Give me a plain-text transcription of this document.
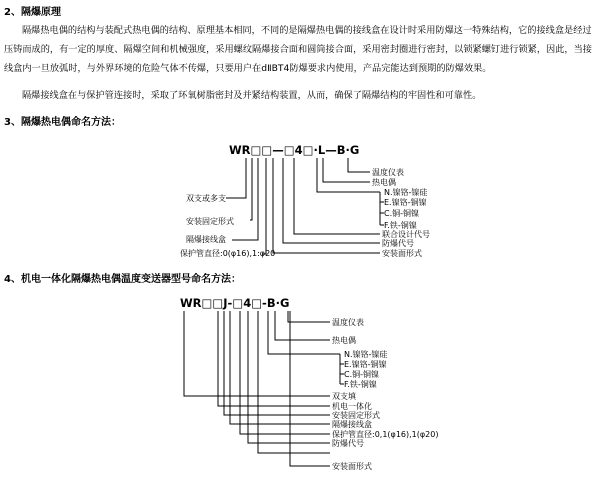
2、隔爆原理

隔爆热电偶的结构与装配式热电偶的结构、原理基本相同，不同的是隔爆热电偶的接线盒在设计时采用防爆这一特殊结构，它的接线盒是经过压铸而成的，有一定的厚度、隔爆空间和机械强度，采用螺纹隔爆接合面和圆筒接合面，采用密封圈进行密封，以锁紧螺钉进行锁紧，因此，当接线盒内一旦放弧时，与外界环境的危险气体不传爆，只要用户在dⅡBT4防爆要求内使用，产品完能达到预期的防爆效果。

隔爆接线盒在与保护管连接时，采取了环氧树脂密封及并紧结构装置，从而，确保了隔爆结构的牢固性和可靠性。

3、隔爆热电偶命名方法：
WR□□—□4□·L—B·G
温度仪表
热电偶
N.镍铬-镍硅
E.镍铬-铜镍
C.铜-铜镍
F.铁-铜镍
联合设计代号
防爆代号
安装面形式
双支或多支
安装固定形式
隔爆接线盒
保护管直径:0(φ16),1:φ20
WR□□J-□4□-B·G
温度仪表
热电偶
N.镍铬-镍硅
E.镍铬-铜镍
C.铜-铜镍
F.铁-铜镍
双支填
机电一体化
安装固定形式
隔爆接线盒
保护管直径:0,1(φ16),1(φ20)
防爆代号
安装面形式
4、机电一体化隔爆热电偶温度变送器型号命名方法：
